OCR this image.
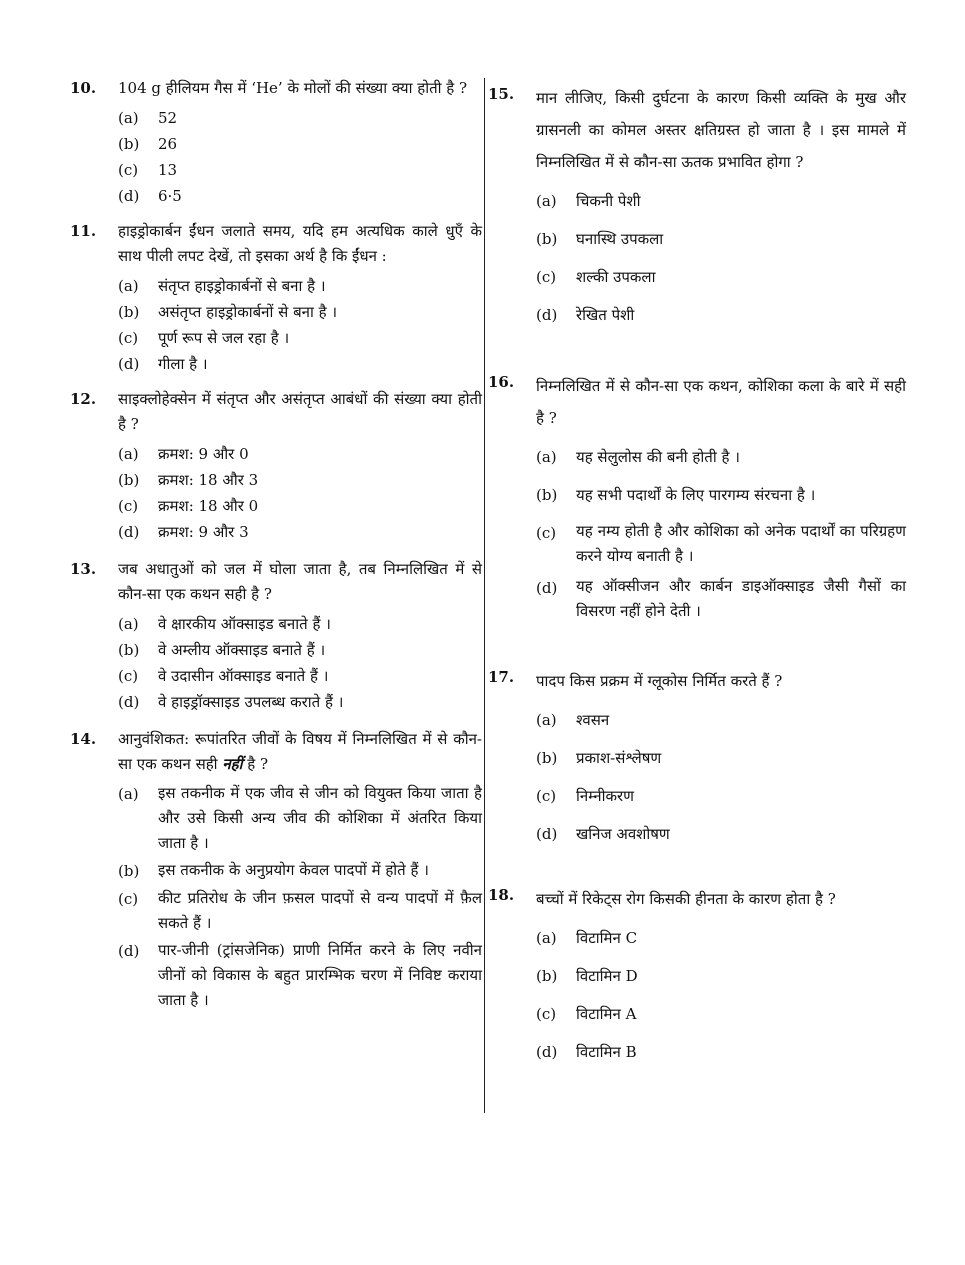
10.	104 g हीलियम गैस में ‘He’ के मोलों की संख्या क्या होती है ?
(a)	52
(b)	26
(c)	13
(d)	6·5
11.	हाइड्रोकार्बन ईंधन जलाते समय, यदि हम अत्यधिक काले धुएँ के साथ पीली लपट देखें, तो इसका अर्थ है कि ईंधन :
(a)	संतृप्त हाइड्रोकार्बनों से बना है ।
(b)	असंतृप्त हाइड्रोकार्बनों से बना है ।
(c)	पूर्ण रूप से जल रहा है ।
(d)	गीला है ।
12.	साइक्लोहेक्सेन में संतृप्त और असंतृप्त आबंधों की संख्या क्या होती है ?
(a)	क्रमश: 9 और 0
(b)	क्रमश: 18 और 3
(c)	क्रमश: 18 और 0
(d)	क्रमश: 9 और 3
13.	जब अधातुओं को जल में घोला जाता है, तब निम्नलिखित में से कौन-सा एक कथन सही है ?
(a)	वे क्षारकीय ऑक्साइड बनाते हैं ।
(b)	वे अम्लीय ऑक्साइड बनाते हैं ।
(c)	वे उदासीन ऑक्साइड बनाते हैं ।
(d)	वे हाइड्रॉक्साइड उपलब्ध कराते हैं ।
14.	आनुवंशिकत: रूपांतरित जीवों के विषय में निम्नलिखित में से कौन-सा एक कथन सही नहीं है ?
(a)	इस तकनीक में एक जीव से जीन को वियुक्त किया जाता है और उसे किसी अन्य जीव की कोशिका में अंतरित किया जाता है ।
(b)	इस तकनीक के अनुप्रयोग केवल पादपों में होते हैं ।
(c)	कीट प्रतिरोध के जीन फ़सल पादपों से वन्य पादपों में फ़ैल सकते हैं ।
(d)	पार-जीनी (ट्रांसजेनिक) प्राणी निर्मित करने के लिए नवीन जीनों को विकास के बहुत प्रारम्भिक चरण में निविष्ट कराया जाता है ।
15.	मान लीजिए, किसी दुर्घटना के कारण किसी व्यक्ति के मुख और ग्रासनली का कोमल अस्तर क्षतिग्रस्त हो जाता है । इस मामले में निम्नलिखित में से कौन-सा ऊतक प्रभावित होगा ?
(a)	चिकनी पेशी
(b)	घनास्थि उपकला
(c)	शल्की उपकला
(d)	रेखित पेशी
16.	निम्नलिखित में से कौन-सा एक कथन, कोशिका कला के बारे में सही है ?
(a)	यह सेलुलोस की बनी होती है ।
(b)	यह सभी पदार्थों के लिए पारगम्य संरचना है ।
(c)	यह नम्य होती है और कोशिका को अनेक पदार्थों का परिग्रहण करने योग्य बनाती है ।
(d)	यह ऑक्सीजन और कार्बन डाइऑक्साइड जैसी गैसों का विसरण नहीं होने देती ।
17.	पादप किस प्रक्रम में ग्लूकोस निर्मित करते हैं ?
(a)	श्वसन
(b)	प्रकाश-संश्लेषण
(c)	निम्नीकरण
(d)	खनिज अवशोषण
18.	बच्चों में रिकेट्स रोग किसकी हीनता के कारण होता है ?
(a)	विटामिन C
(b)	विटामिन D
(c)	विटामिन A
(d)	विटामिन B
